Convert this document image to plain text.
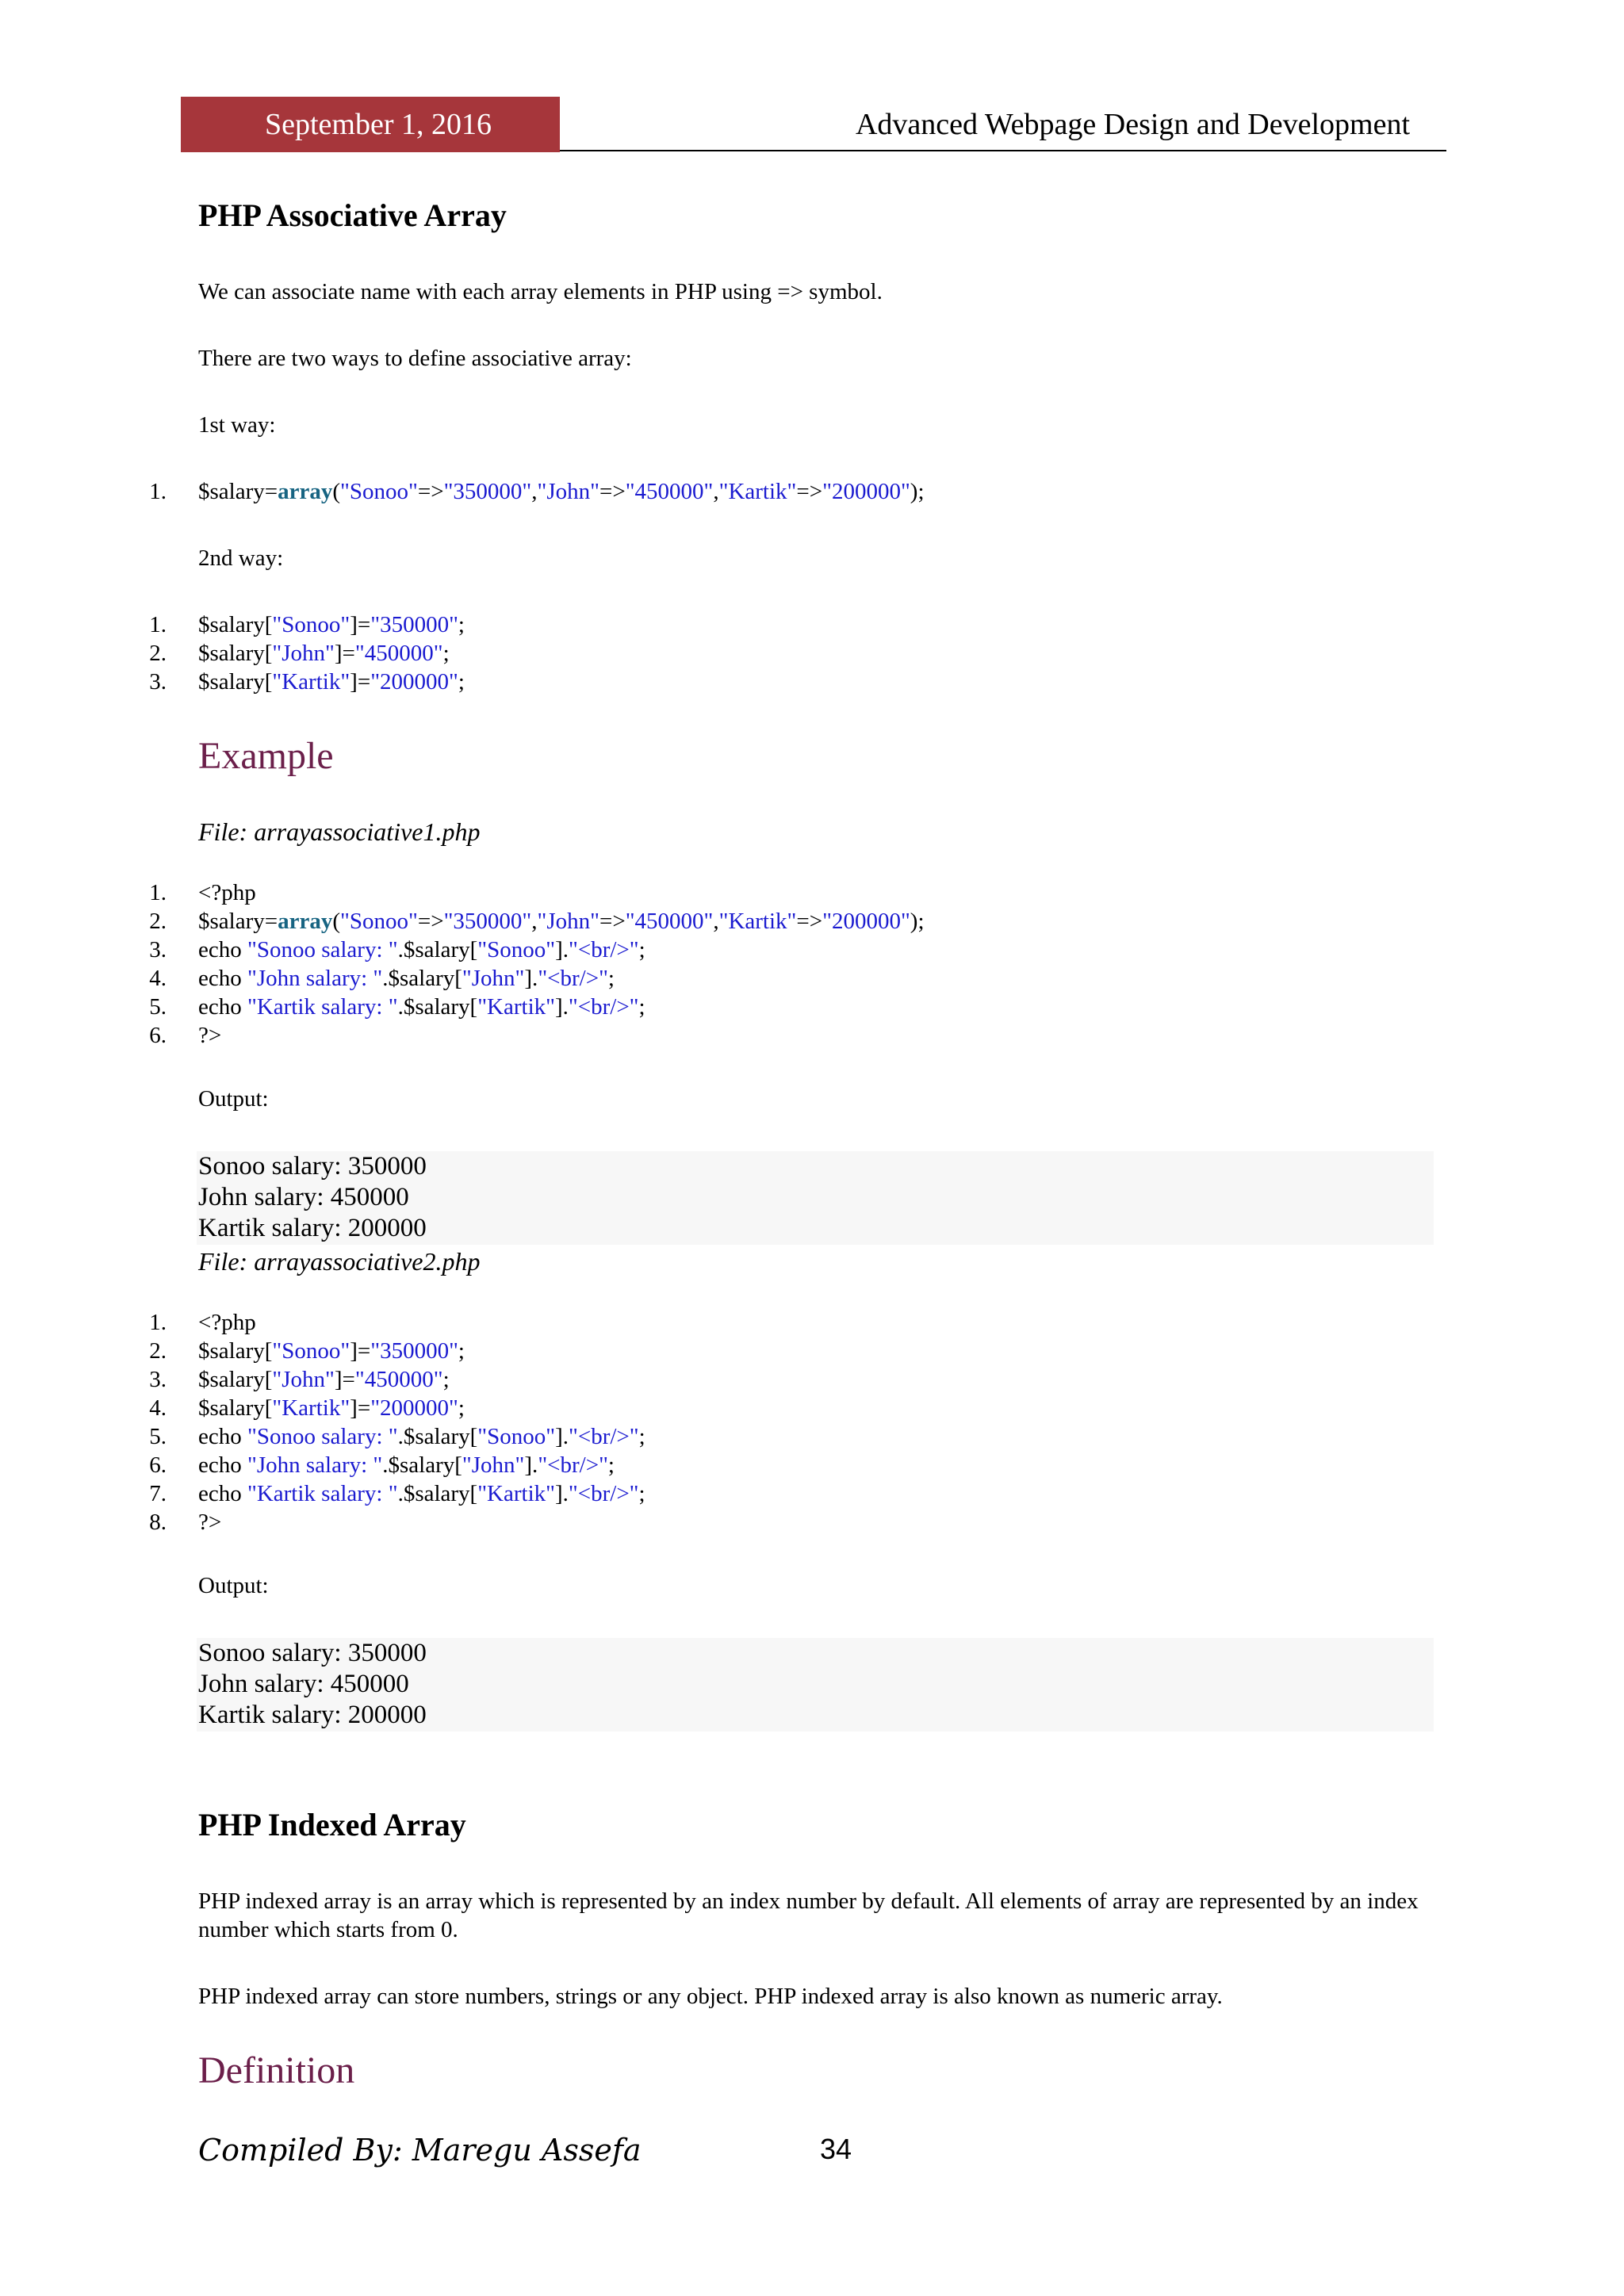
September 1, 2016	Advanced Webpage Design and Development
PHP Associative Array
We can associate name with each array elements in PHP using => symbol.
There are two ways to define associative array:
1st way:
1. $salary=array("Sonoo"=>"350000","John"=>"450000","Kartik"=>"200000");
2nd way:
1. $salary["Sonoo"]="350000";
2. $salary["John"]="450000";
3. $salary["Kartik"]="200000";
Example
File: arrayassociative1.php
1. <?php
2. $salary=array("Sonoo"=>"350000","John"=>"450000","Kartik"=>"200000");
3. echo "Sonoo salary: ".$salary["Sonoo"]."<br/>";
4. echo "John salary: ".$salary["John"]."<br/>";
5. echo "Kartik salary: ".$salary["Kartik"]."<br/>";
6. ?>
Output:
Sonoo salary: 350000
John salary: 450000
Kartik salary: 200000
File: arrayassociative2.php
1. <?php
2. $salary["Sonoo"]="350000";
3. $salary["John"]="450000";
4. $salary["Kartik"]="200000";
5. echo "Sonoo salary: ".$salary["Sonoo"]."<br/>";
6. echo "John salary: ".$salary["John"]."<br/>";
7. echo "Kartik salary: ".$salary["Kartik"]."<br/>";
8. ?>
Output:
Sonoo salary: 350000
John salary: 450000
Kartik salary: 200000
PHP Indexed Array
PHP indexed array is an array which is represented by an index number by default. All elements of array are represented by an index number which starts from 0.
PHP indexed array can store numbers, strings or any object. PHP indexed array is also known as numeric array.
Definition
Compiled By: Maregu Assefa	34
